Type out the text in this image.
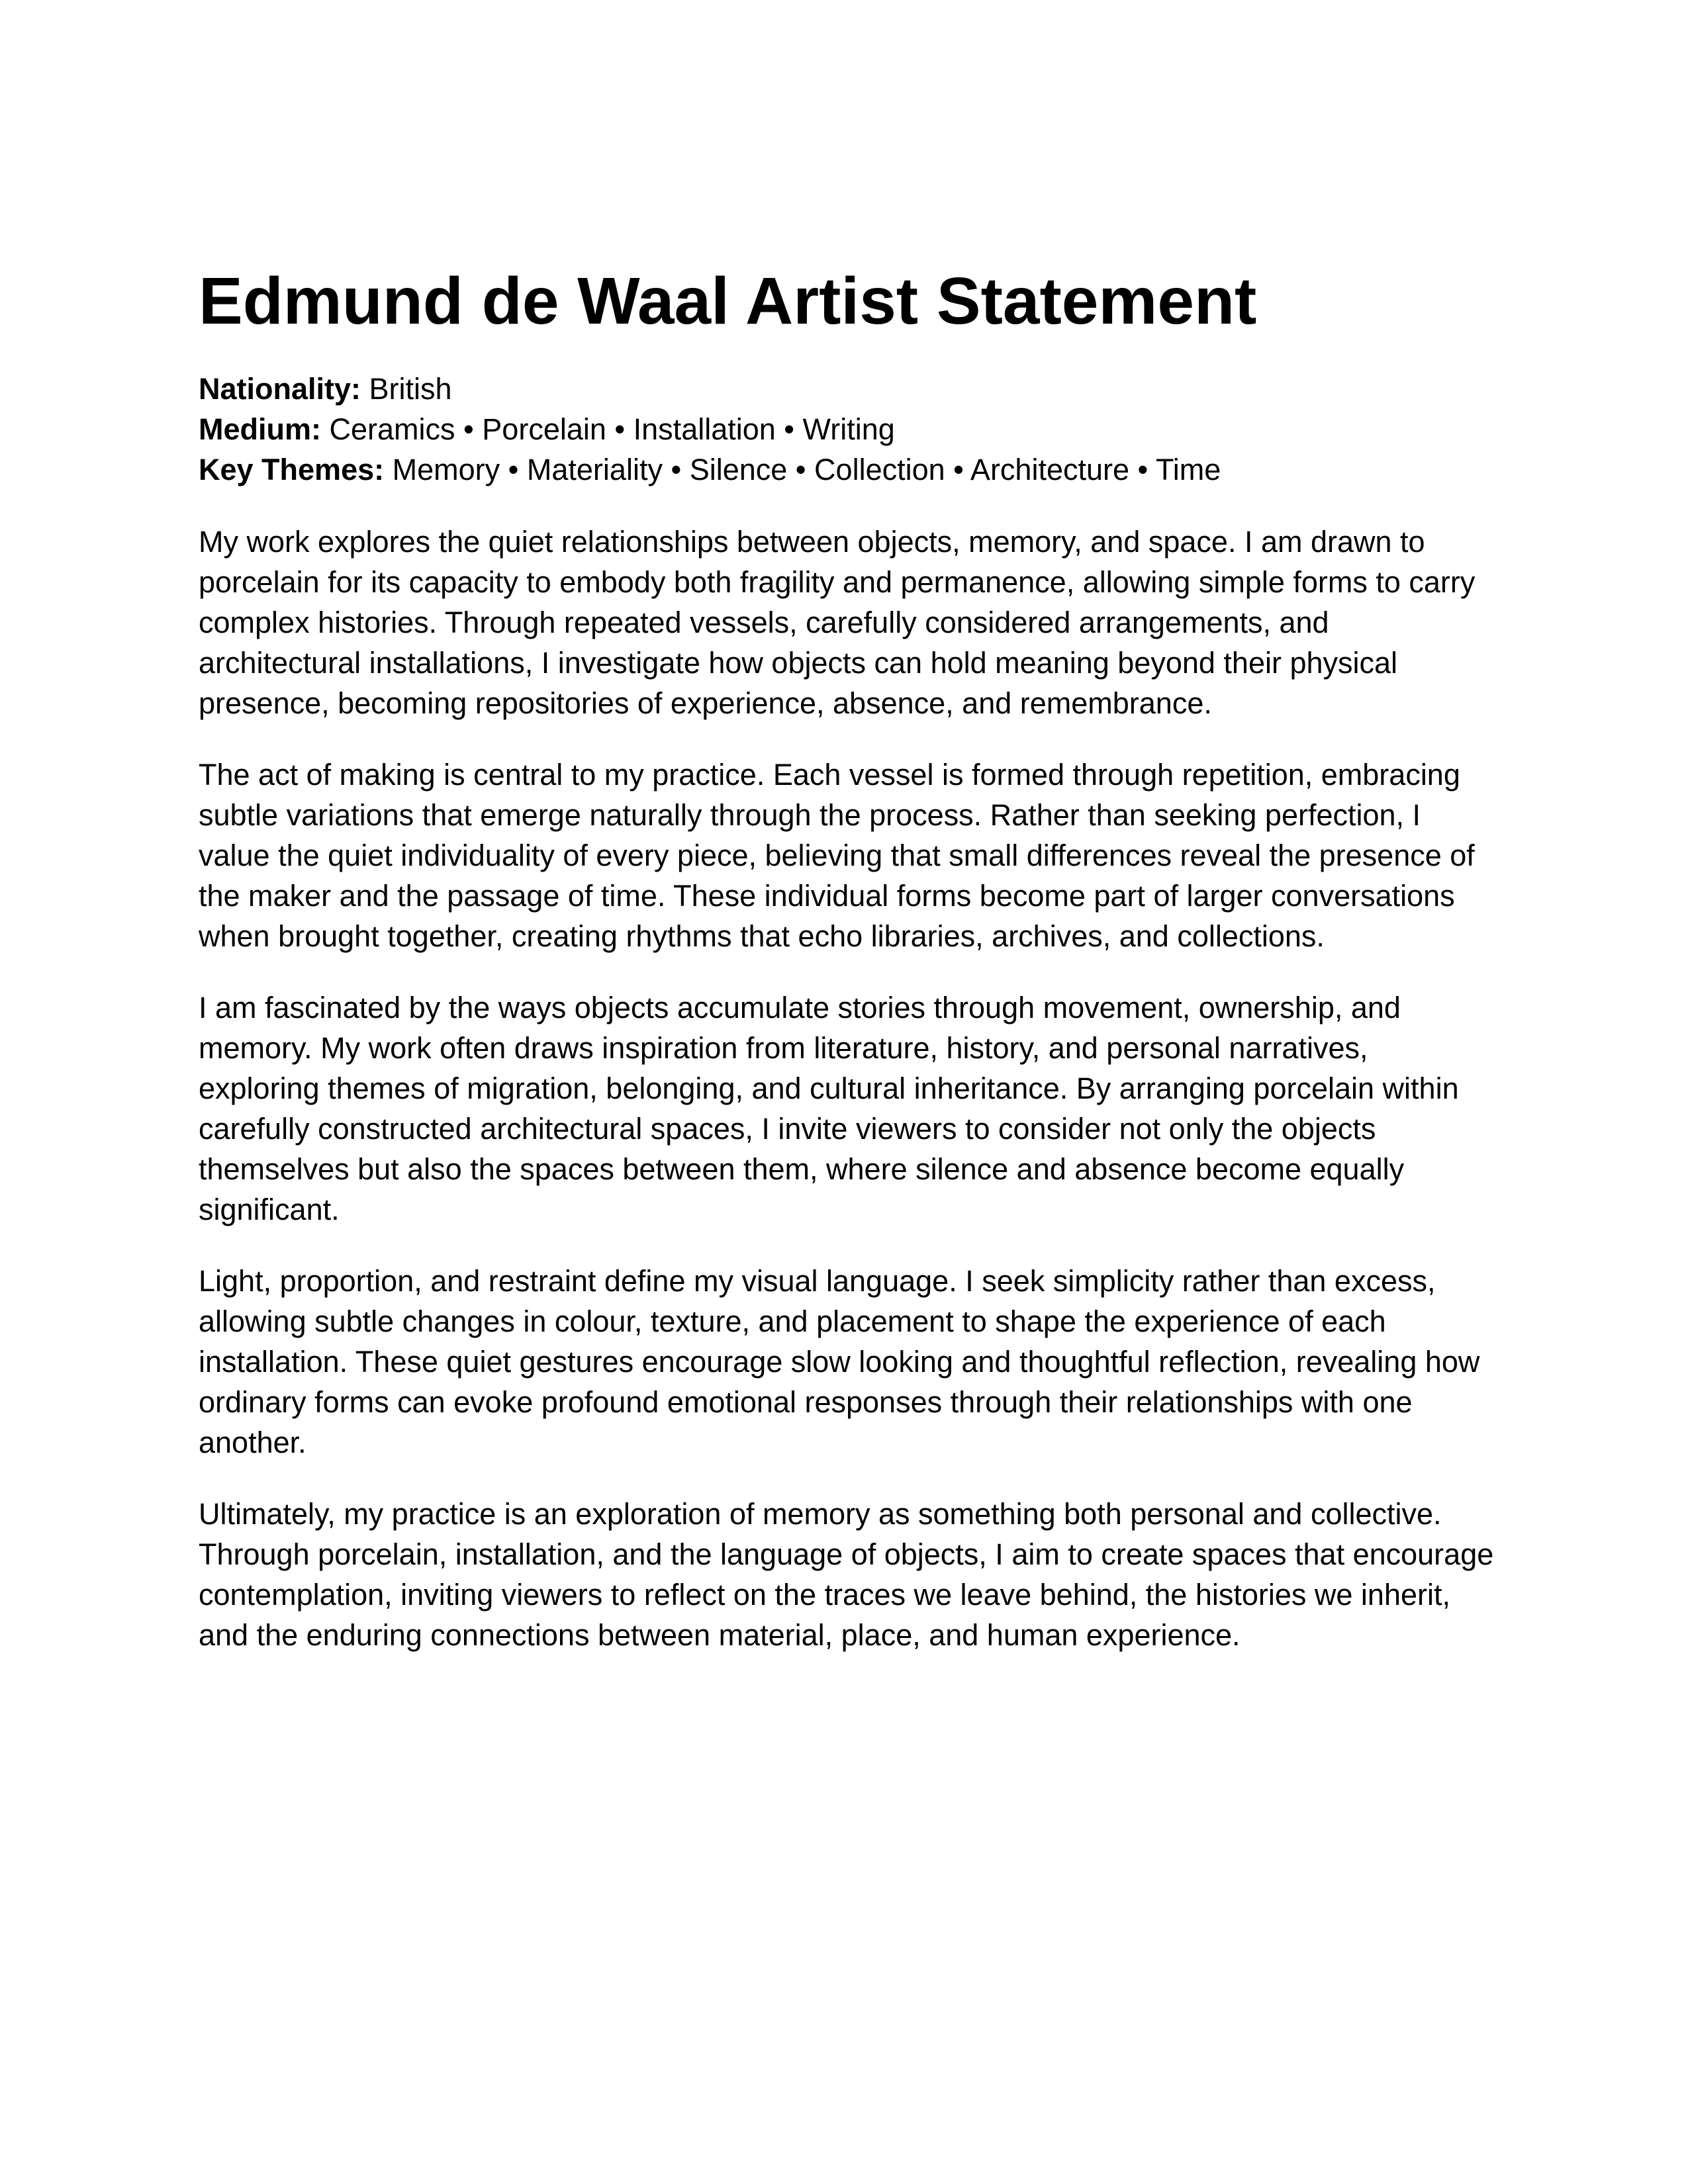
Edmund de Waal Artist Statement
Nationality: British
Medium: Ceramics • Porcelain • Installation • Writing
Key Themes: Memory • Materiality • Silence • Collection • Architecture • Time

My work explores the quiet relationships between objects, memory, and space. I am drawn to porcelain for its capacity to embody both fragility and permanence, allowing simple forms to carry complex histories. Through repeated vessels, carefully considered arrangements, and architectural installations, I investigate how objects can hold meaning beyond their physical presence, becoming repositories of experience, absence, and remembrance.

The act of making is central to my practice. Each vessel is formed through repetition, embracing subtle variations that emerge naturally through the process. Rather than seeking perfection, I value the quiet individuality of every piece, believing that small differences reveal the presence of the maker and the passage of time. These individual forms become part of larger conversations when brought together, creating rhythms that echo libraries, archives, and collections.

I am fascinated by the ways objects accumulate stories through movement, ownership, and memory. My work often draws inspiration from literature, history, and personal narratives, exploring themes of migration, belonging, and cultural inheritance. By arranging porcelain within carefully constructed architectural spaces, I invite viewers to consider not only the objects themselves but also the spaces between them, where silence and absence become equally significant.

Light, proportion, and restraint define my visual language. I seek simplicity rather than excess, allowing subtle changes in colour, texture, and placement to shape the experience of each installation. These quiet gestures encourage slow looking and thoughtful reflection, revealing how ordinary forms can evoke profound emotional responses through their relationships with one another.

Ultimately, my practice is an exploration of memory as something both personal and collective. Through porcelain, installation, and the language of objects, I aim to create spaces that encourage contemplation, inviting viewers to reflect on the traces we leave behind, the histories we inherit, and the enduring connections between material, place, and human experience.
